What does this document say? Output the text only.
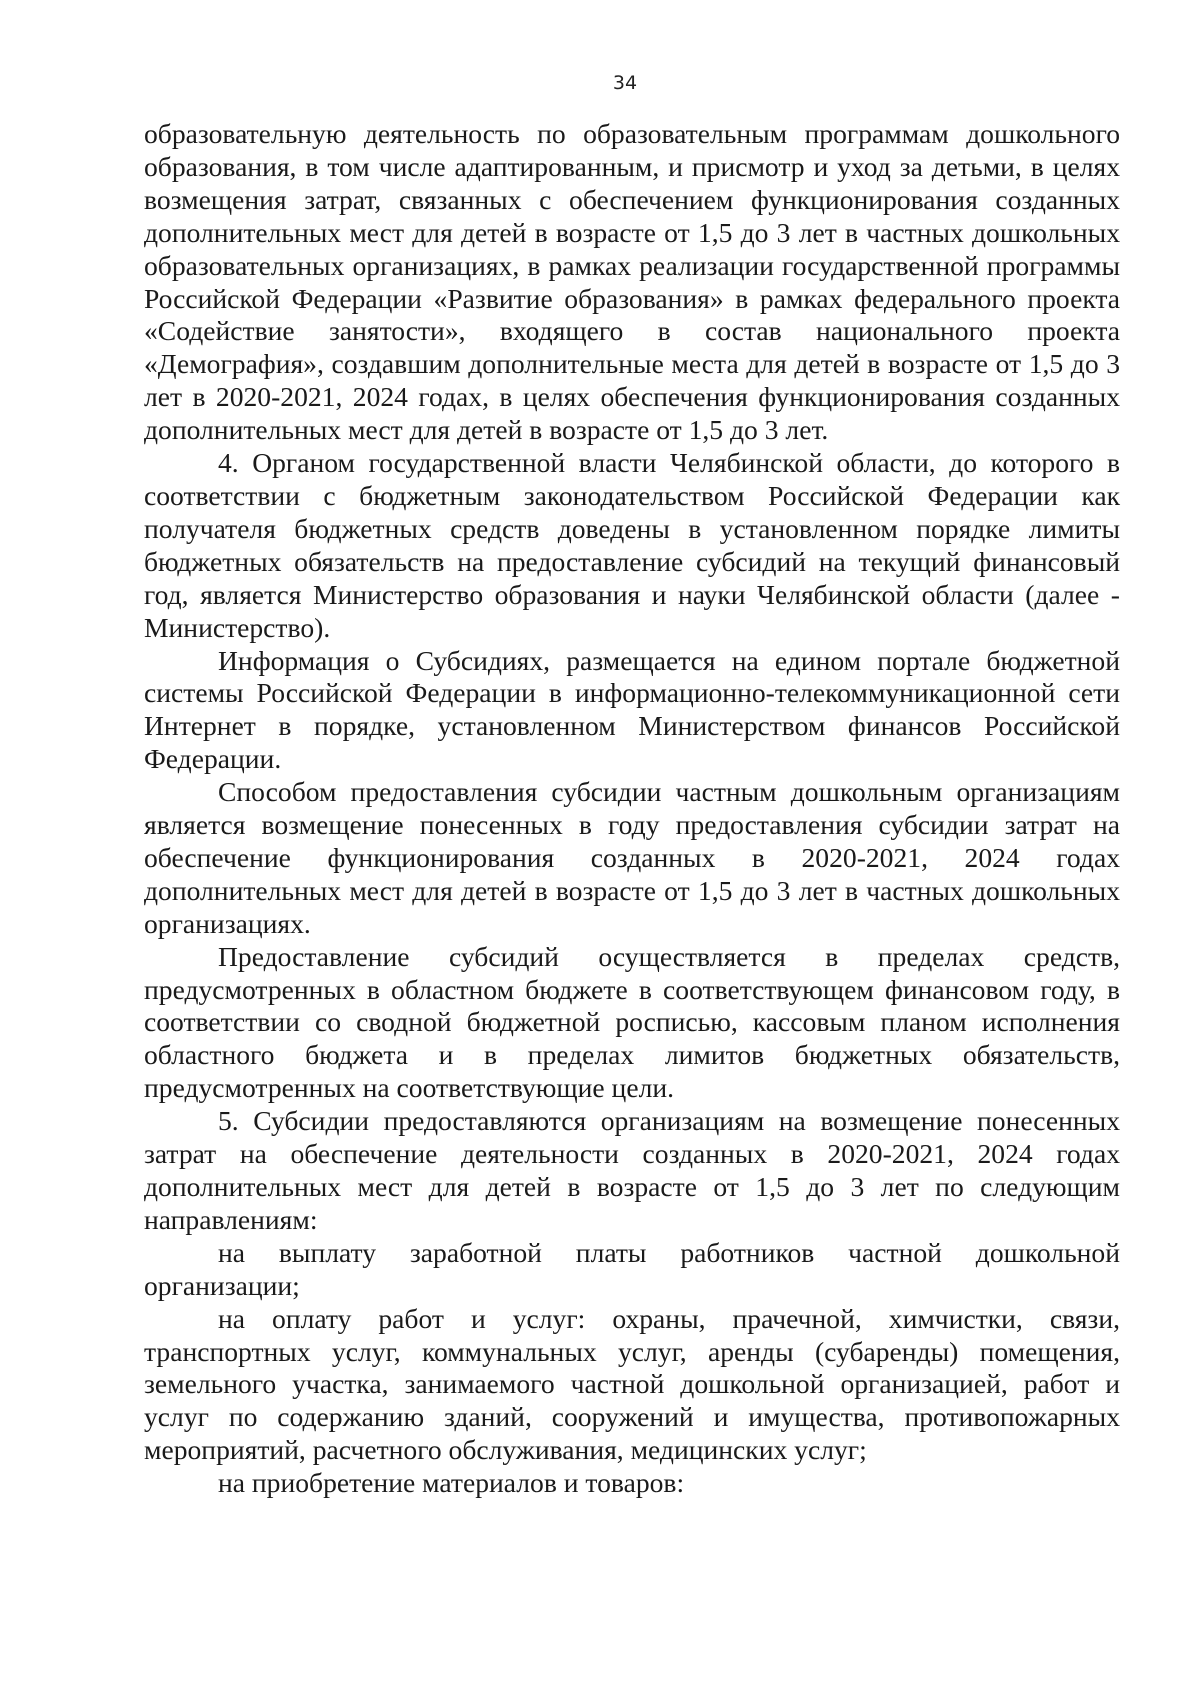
34

образовательную деятельность по образовательным программам дошкольного образования, в том числе адаптированным, и присмотр и уход за детьми, в целях возмещения затрат, связанных с обеспечением функционирования созданных дополнительных мест для детей в возрасте от 1,5 до 3 лет в частных дошкольных образовательных организациях, в рамках реализации государственной программы Российской Федерации «Развитие образования» в рамках федерального проекта «Содействие занятости», входящего в состав национального проекта «Демография», создавшим дополнительные места для детей в возрасте от 1,5 до 3 лет в 2020-2021, 2024 годах, в целях обеспечения функционирования созданных дополнительных мест для детей в возрасте от 1,5 до 3 лет.

4. Органом государственной власти Челябинской области, до которого в соответствии с бюджетным законодательством Российской Федерации как получателя бюджетных средств доведены в установленном порядке лимиты бюджетных обязательств на предоставление субсидий на текущий финансовый год, является Министерство образования и науки Челябинской области (далее - Министерство).

Информация о Субсидиях, размещается на едином портале бюджетной системы Российской Федерации в информационно-телекоммуникационной сети Интернет в порядке, установленном Министерством финансов Российской Федерации.

Способом предоставления субсидии частным дошкольным организациям является возмещение понесенных в году предоставления субсидии затрат на обеспечение функционирования созданных в 2020-2021, 2024 годах дополнительных мест для детей в возрасте от 1,5 до 3 лет в частных дошкольных организациях.

Предоставление субсидий осуществляется в пределах средств, предусмотренных в областном бюджете в соответствующем финансовом году, в соответствии со сводной бюджетной росписью, кассовым планом исполнения областного бюджета и в пределах лимитов бюджетных обязательств, предусмотренных на соответствующие цели.

5. Субсидии предоставляются организациям на возмещение понесенных затрат на обеспечение деятельности созданных в 2020-2021, 2024 годах дополнительных мест для детей в возрасте от 1,5 до 3 лет по следующим направлениям:

на выплату заработной платы работников частной дошкольной организации;

на оплату работ и услуг: охраны, прачечной, химчистки, связи, транспортных услуг, коммунальных услуг, аренды (субаренды) помещения, земельного участка, занимаемого частной дошкольной организацией, работ и услуг по содержанию зданий, сооружений и имущества, противопожарных мероприятий, расчетного обслуживания, медицинских услуг;

на приобретение материалов и товаров:
